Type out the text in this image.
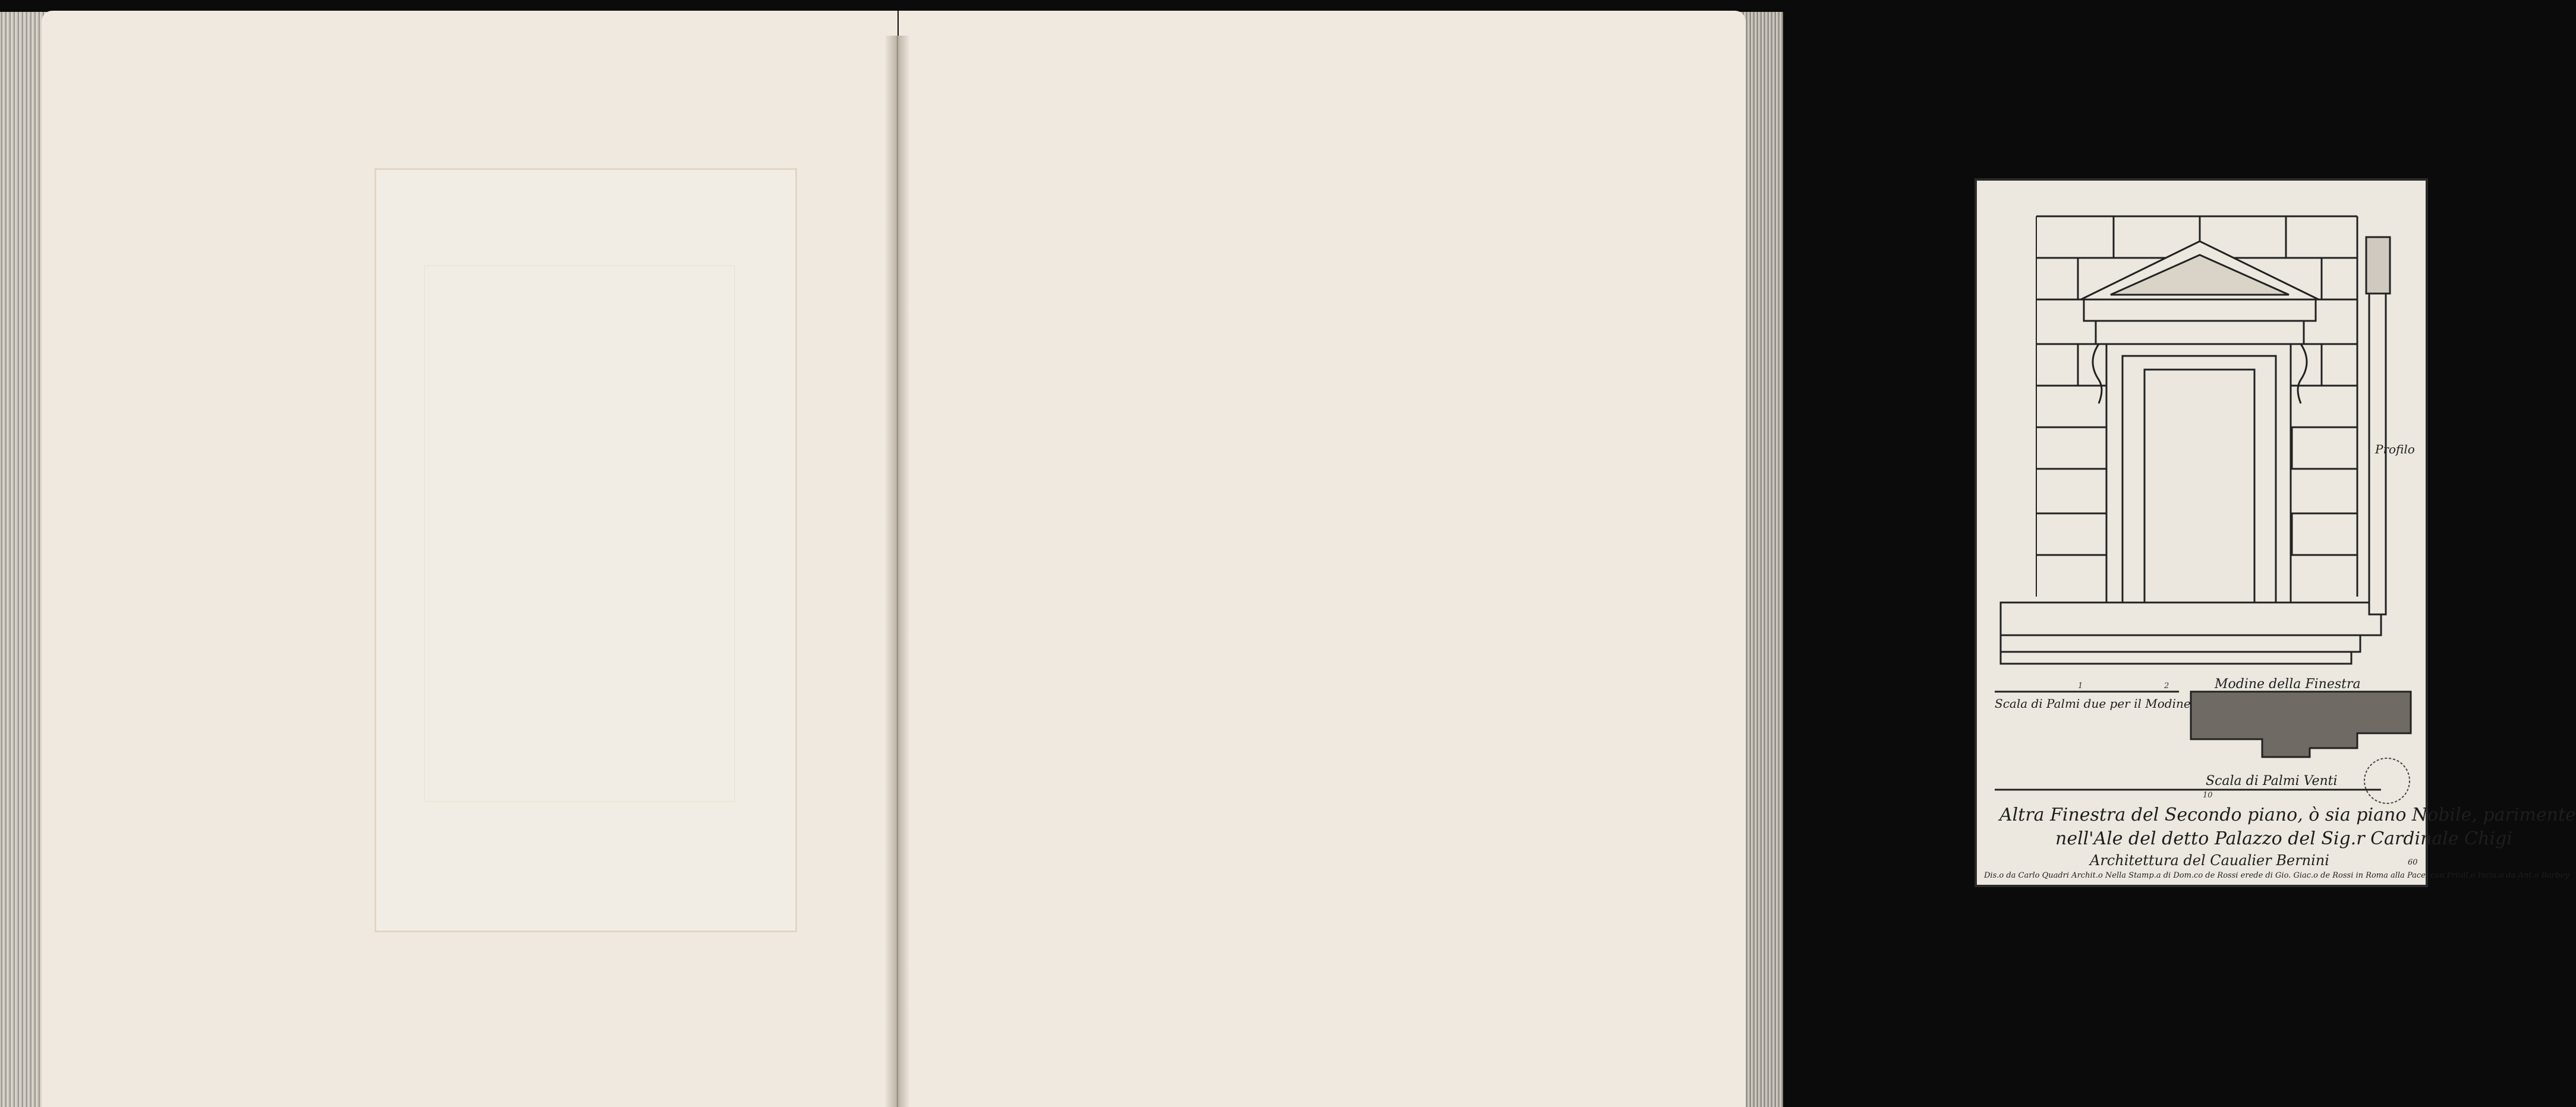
Profilo
1	2
Scala di Palmi due per il Modine
Modine della Finestra
Scala di Palmi Venti
10
Altra Finestra del Secondo piano, ò sia piano Nobile, parimente
nell'Ale del detto Palazzo del Sig.r Cardinale Chigi
Architettura del Caualier Bernini
Dis.o da Carlo Quadri Archit.o Nella Stamp.a di Dom.co de Rossi erede di Gio. Giac.o de Rossi in Roma alla Pace, con Priuil.o Incis.o da Ant.o Barbey
60
